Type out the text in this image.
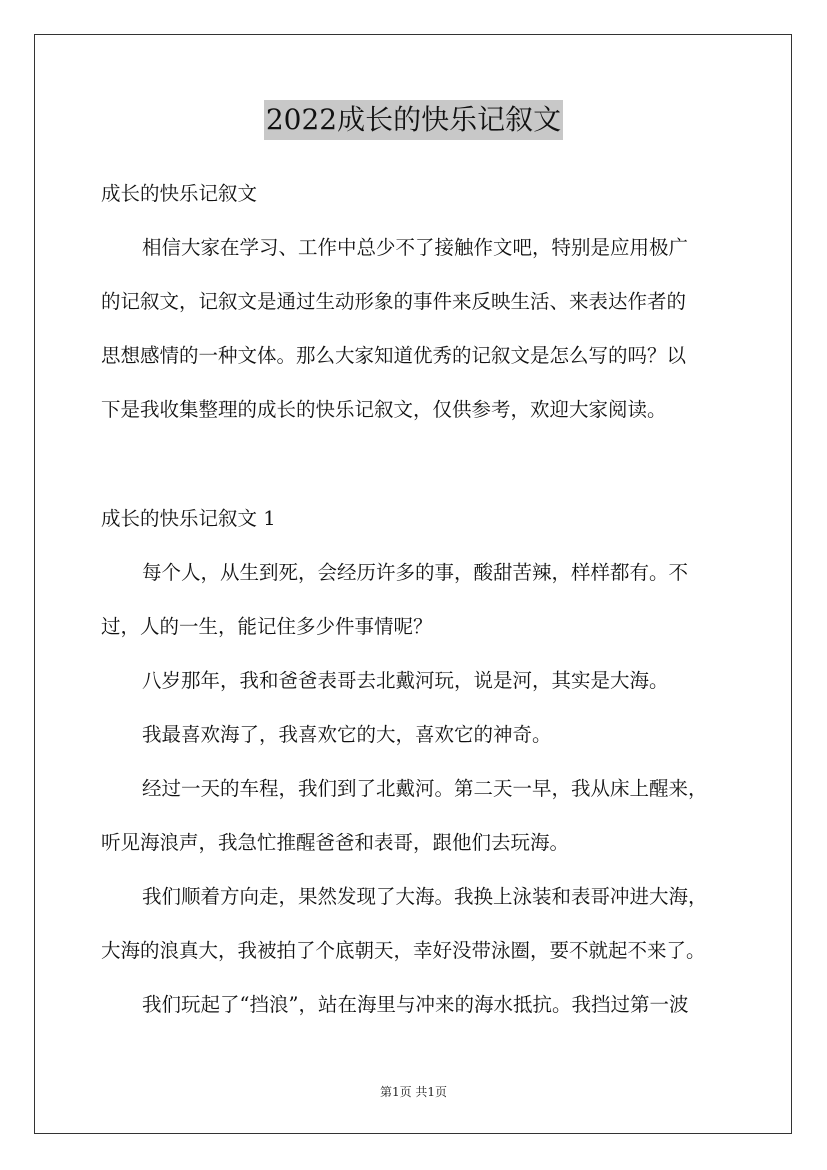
2022成长的快乐记叙文
成长的快乐记叙文
相信大家在学习、工作中总少不了接触作文吧，特别是应用极广
的记叙文，记叙文是通过生动形象的事件来反映生活、来表达作者的
思想感情的一种文体。那么大家知道优秀的记叙文是怎么写的吗？以
下是我收集整理的成长的快乐记叙文，仅供参考，欢迎大家阅读。
成长的快乐记叙文 1
每个人，从生到死，会经历许多的事，酸甜苦辣，样样都有。不
过，人的一生，能记住多少件事情呢？
八岁那年，我和爸爸表哥去北戴河玩，说是河，其实是大海。
我最喜欢海了，我喜欢它的大，喜欢它的神奇。
经过一天的车程，我们到了北戴河。第二天一早，我从床上醒来，
听见海浪声，我急忙推醒爸爸和表哥，跟他们去玩海。
我们顺着方向走，果然发现了大海。我换上泳装和表哥冲进大海，
大海的浪真大，我被拍了个底朝天，幸好没带泳圈，要不就起不来了。
我们玩起了“挡浪”，站在海里与冲来的海水抵抗。我挡过第一波
第1页 共1页
